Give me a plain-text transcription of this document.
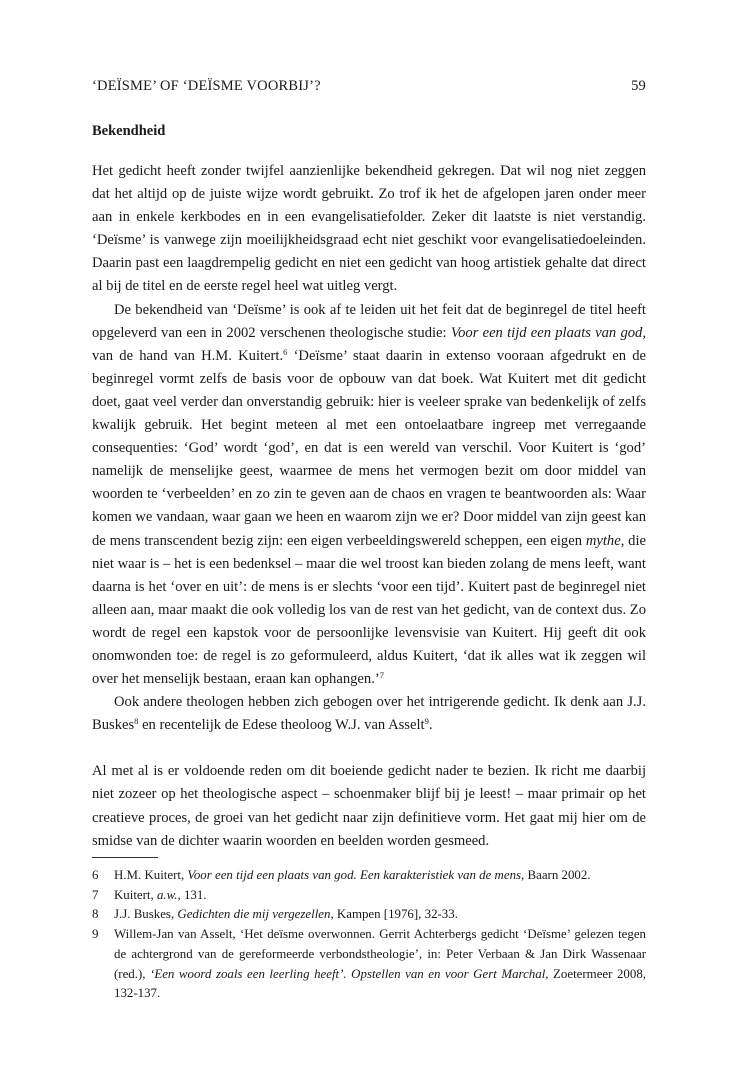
‘DEÏSME’ OF ‘DEÏSME VOORBIJ’?	59
Bekendheid

Het gedicht heeft zonder twijfel aanzienlijke bekendheid gekregen. Dat wil nog niet zeggen dat het altijd op de juiste wijze wordt gebruikt. Zo trof ik het de afgelopen jaren onder meer aan in enkele kerkbodes en in een evangelisatiefolder. Zeker dit laatste is niet verstandig. ‘Deïsme’ is vanwege zijn moeilijkheidsgraad echt niet geschikt voor evangelisatiedoeleinden. Daarin past een laagdrempelig gedicht en niet een gedicht van hoog artistiek gehalte dat direct al bij de titel en de eerste regel heel wat uitleg vergt.

De bekendheid van ‘Deïsme’ is ook af te leiden uit het feit dat de beginregel de titel heeft opgeleverd van een in 2002 verschenen theologische studie: Voor een tijd een plaats van god, van de hand van H.M. Kuitert.$^6$ ‘Deïsme’ staat daarin in extenso vooraan afgedrukt en de beginregel vormt zelfs de basis voor de opbouw van dat boek. Wat Kuitert met dit gedicht doet, gaat veel verder dan onverstandig gebruik: hier is veeleer sprake van bedenkelijk of zelfs kwalijk gebruik. Het begint meteen al met een ontoelaatbare ingreep met verregaande consequenties: ‘God’ wordt ‘god’, en dat is een wereld van verschil. Voor Kuitert is ‘god’ namelijk de menselijke geest, waarmee de mens het vermogen bezit om door middel van woorden te ‘verbeelden’ en zo zin te geven aan de chaos en vragen te beantwoorden als: Waar komen we vandaan, waar gaan we heen en waarom zijn we er? Door middel van zijn geest kan de mens transcendent bezig zijn: een eigen verbeeldingswereld scheppen, een eigen mythe, die niet waar is – het is een bedenksel – maar die wel troost kan bieden zolang de mens leeft, want daarna is het ‘over en uit’: de mens is er slechts ‘voor een tijd’. Kuitert past de beginregel niet alleen aan, maar maakt die ook volledig los van de rest van het gedicht, van de context dus. Zo wordt de regel een kapstok voor de persoonlijke levensvisie van Kuitert. Hij geeft dit ook onomwonden toe: de regel is zo geformuleerd, aldus Kuitert, ‘dat ik alles wat ik zeggen wil over het menselijk bestaan, eraan kan ophangen.’$^7$

Ook andere theologen hebben zich gebogen over het intrigerende gedicht. Ik denk aan J.J. Buskes$^8$ en recentelijk de Edese theoloog W.J. van Asselt$^9$.

Al met al is er voldoende reden om dit boeiende gedicht nader te bezien. Ik richt me daarbij niet zozeer op het theologische aspect – schoenmaker blijf bij je leest! – maar primair op het creatieve proces, de groei van het gedicht naar zijn definitieve vorm. Het gaat mij hier om de smidse van de dichter waarin woorden en beelden worden gesmeed.

6	H.M. Kuitert, Voor een tijd een plaats van god. Een karakteristiek van de mens, Baarn 2002.
7	Kuitert, a.w., 131.
8	J.J. Buskes, Gedichten die mij vergezellen, Kampen [1976], 32-33.
9	Willem-Jan van Asselt, ‘Het deïsme overwonnen. Gerrit Achterbergs gedicht ‘Deïsme’ gelezen tegen de achtergrond van de gereformeerde verbondstheologie’, in: Peter Verbaan & Jan Dirk Wassenaar (red.), ‘Een woord zoals een leerling heeft’. Opstellen van en voor Gert Marchal, Zoetermeer 2008, 132-137.
